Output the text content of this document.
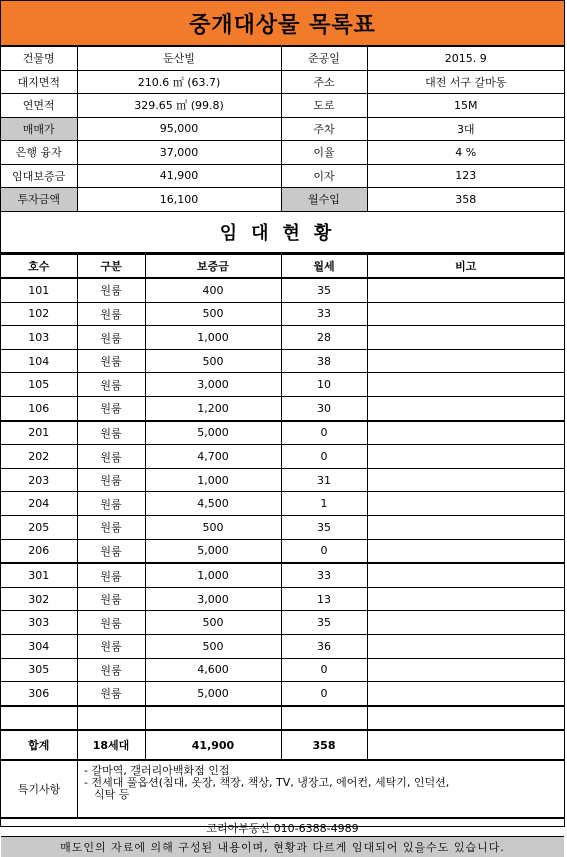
중개대상물 목록표
건물명	둔산빌	준공일	2015. 9
대지면적	210.6 ㎡ (63.7)	주소	대전 서구 갈마동
연면적	329.65 ㎡ (99.8)	도로	15M
매매가	95,000	주차	3대
은행 융자	37,000	이율	4 %
임대보증금	41,900	이자	123
투자금액	16,100	월수입	358
임대현황
호수	구분	보증금	월세	비고
101	원룸	400	35	
102	원룸	500	33	
103	원룸	1,000	28	
104	원룸	500	38	
105	원룸	3,000	10	
106	원룸	1,200	30	
201	원룸	5,000	0	
202	원룸	4,700	0	
203	원룸	1,000	31	
204	원룸	4,500	1	
205	원룸	500	35	
206	원룸	5,000	0	
301	원룸	1,000	33	
302	원룸	3,000	13	
303	원룸	500	35	
304	원룸	500	36	
305	원룸	4,600	0	
306	원룸	5,000	0	

합계	18세대	41,900	358	
특기사항
- 갈마역, 갤러리아백화점 인접
- 전세대 풀옵션(침대, 옷장, 책장, 책상, TV, 냉장고, 에어컨, 세탁기, 인덕션,
식탁 등
코리아부동산 010-6388-4989
매도인의 자료에 의해 구성된 내용이며, 현황과 다르게 임대되어 있을수도 있습니다.
